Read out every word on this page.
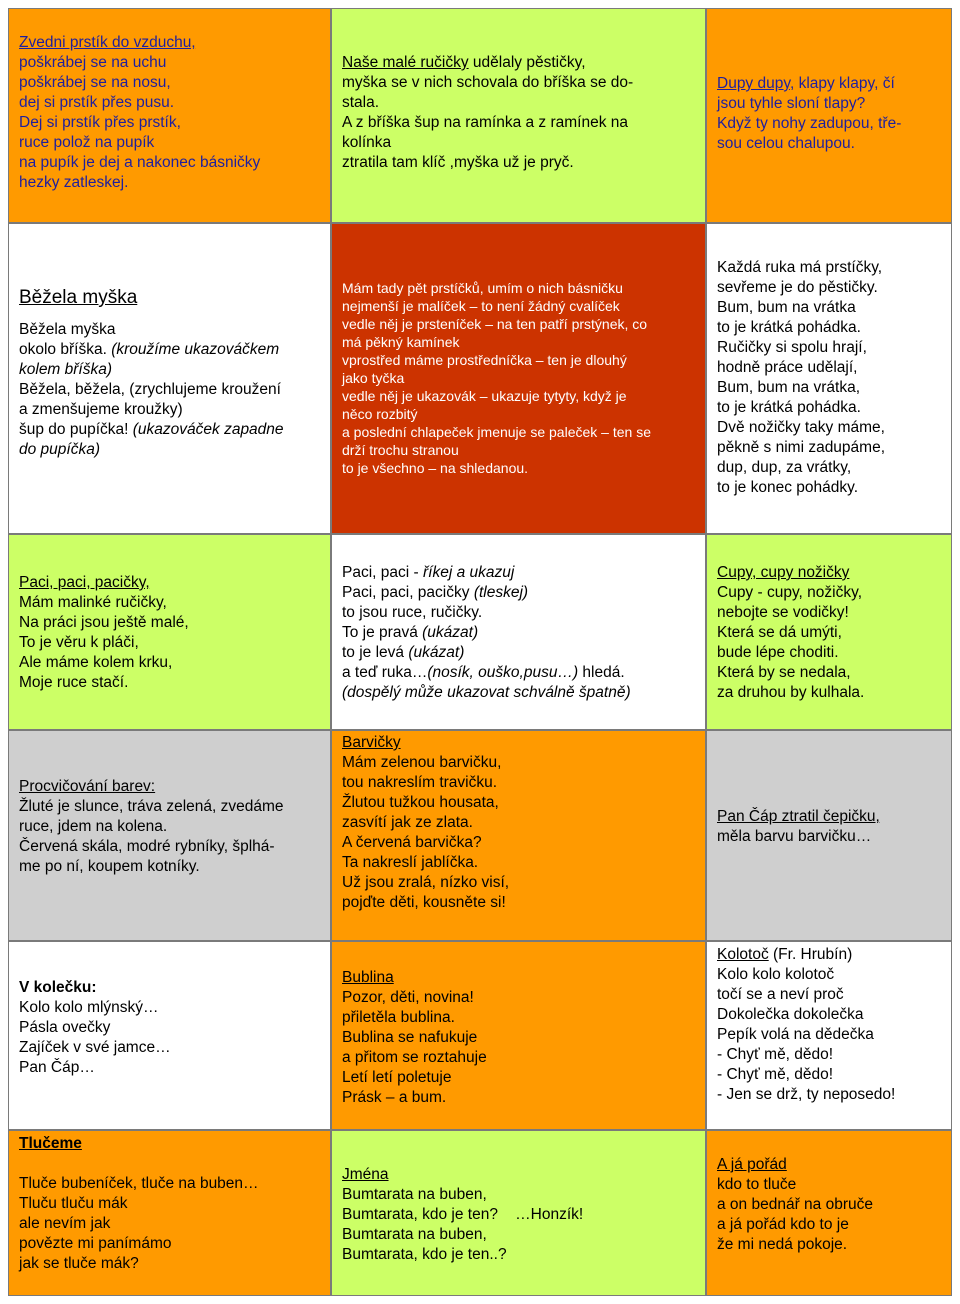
Zvedni prstík do vzduchu,
poškrábej se na uchu
poškrábej se na nosu,
dej si prstík přes pusu.
Dej si prstík přes prstík,
ruce polož na pupík
na pupík je dej a nakonec básničky
hezky zatleskej.
Naše malé ručičky udělaly pěstičky,
myška se v nich schovala do bříška se do-
stala.
A z bříška šup na ramínka a z ramínek na
kolínka
ztratila tam klíč ,myška už je pryč.
Dupy dupy, klapy klapy, čí
jsou tyhle sloní tlapy?
Když ty nohy zadupou, tře-
sou celou chalupou.
Běžela myška
Běžela myška
okolo bříška. (kroužíme ukazováčkem
kolem bříška)
Běžela, běžela, (zrychlujeme kroužení
a zmenšujeme kroužky)
šup do pupíčka! (ukazováček zapadne
do pupíčka)
Mám tady pět prstíčků, umím o nich básničku
nejmenší je malíček – to není žádný cvalíček
vedle něj je prsteníček – na ten patří prstýnek, co
má pěkný kamínek
vprostřed máme prostředníčka – ten je dlouhý
jako tyčka
vedle něj je ukazovák – ukazuje tytyty, když je
něco rozbitý
a poslední chlapeček jmenuje se paleček – ten se
drží trochu stranou
to je všechno – na shledanou.
Každá ruka má prstíčky,
sevřeme je do pěstičky.
Bum, bum na vrátka
to je krátká pohádka.
Ručičky si spolu hrají,
hodně práce udělají,
Bum, bum na vrátka,
to je krátká pohádka.
Dvě nožičky taky máme,
pěkně s nimi zadupáme,
dup, dup, za vrátky,
to je konec pohádky.
Paci, paci, pacičky,
Mám malinké ručičky,
Na práci jsou ještě malé,
To je věru k pláči,
Ale máme kolem krku,
Moje ruce stačí.
Paci, paci - říkej a ukazuj
Paci, paci, pacičky (tleskej)
to jsou ruce, ručičky.
To je pravá (ukázat)
to je levá (ukázat)
a teď ruka…(nosík, ouško,pusu…) hledá.
(dospělý může ukazovat schválně špatně)
Cupy, cupy nožičky
Cupy - cupy, nožičky,
nebojte se vodičky!
Která se dá umýti,
bude lépe choditi.
Která by se nedala,
za druhou by kulhala.
Procvičování barev:
Žluté je slunce, tráva zelená, zvedáme
ruce, jdem na kolena.
Červená skála, modré rybníky, šplhá-
me po ní, koupem kotníky.
Barvičky
Mám zelenou barvičku,
tou nakreslím travičku.
Žlutou tužkou housata,
zasvítí jak ze zlata.
A červená barvička?
Ta nakreslí jablíčka.
Už jsou zralá, nízko visí,
pojďte děti, kousněte si!
Pan Čáp ztratil čepičku,
měla barvu barvičku…
V kolečku:
Kolo kolo mlýnský…
Pásla ovečky
Zajíček v své jamce…
Pan Čáp…
Bublina
Pozor, děti, novina!
přiletěla bublina.
Bublina se nafukuje
a přitom se roztahuje
Letí letí poletuje
Prásk – a bum.
Kolotoč (Fr. Hrubín)
Kolo kolo kolotoč
točí se a neví proč
Dokolečka dokolečka
Pepík volá na dědečka
- Chyť mě, dědo!
- Chyť mě, dědo!
- Jen se drž, ty neposedo!
Tlučeme
Tluče bubeníček, tluče na buben…
Tluču tluču mák
ale nevím jak
povězte mi panímámo
jak se tluče mák?
Jména
Bumtarata na buben,
Bumtarata, kdo je ten?    …Honzík!
Bumtarata na buben,
Bumtarata, kdo je ten..?
A já pořád
kdo to tluče
a on bednář na obruče
a já pořád kdo to je
že mi nedá pokoje.
